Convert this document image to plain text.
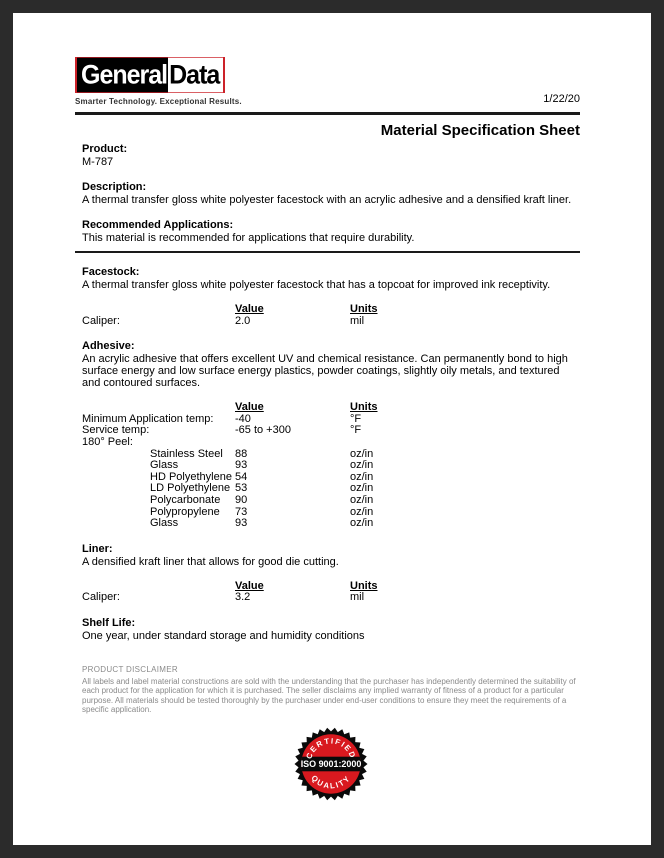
General Data
Smarter Technology. Exceptional Results.	1/22/20
Material Specification Sheet
Product:
M-787
Description:
A thermal transfer gloss white polyester facestock with an acrylic adhesive and a densified kraft liner.
Recommended Applications:
This material is recommended for applications that require durability.
Facestock:
A thermal transfer gloss white polyester facestock that has a topcoat for improved ink receptivity.
Value	Units
Caliper:	2.0	mil
Adhesive:
An acrylic adhesive that offers excellent UV and chemical resistance. Can permanently bond to high surface energy and low surface energy plastics, powder coatings, slightly oily metals, and textured and contoured surfaces.
Value	Units
Minimum Application temp:	-40	°F
Service temp:	-65 to +300	°F
180° Peel:
Stainless Steel	88	oz/in
Glass	93	oz/in
HD Polyethylene 54	oz/in
LD Polyethylene 53	oz/in
Polycarbonate	90	oz/in
Polypropylene	73	oz/in
Glass	93	oz/in
Liner:
A densified kraft liner that allows for good die cutting.
Value	Units
Caliper:	3.2	mil
Shelf Life:
One year, under standard storage and humidity conditions
PRODUCT DISCLAIMER
All labels and label material constructions are sold with the understanding that the purchaser has independently determined the suitability of each product for the application for which it is purchased. The seller disclaims any implied warranty of fitness of a product for a particular purpose. All materials should be tested thoroughly by the purchaser under end-user conditions to ensure they meet the requirements of a specific application.
CERTIFIED
ISO 9001:2000
QUALITY
